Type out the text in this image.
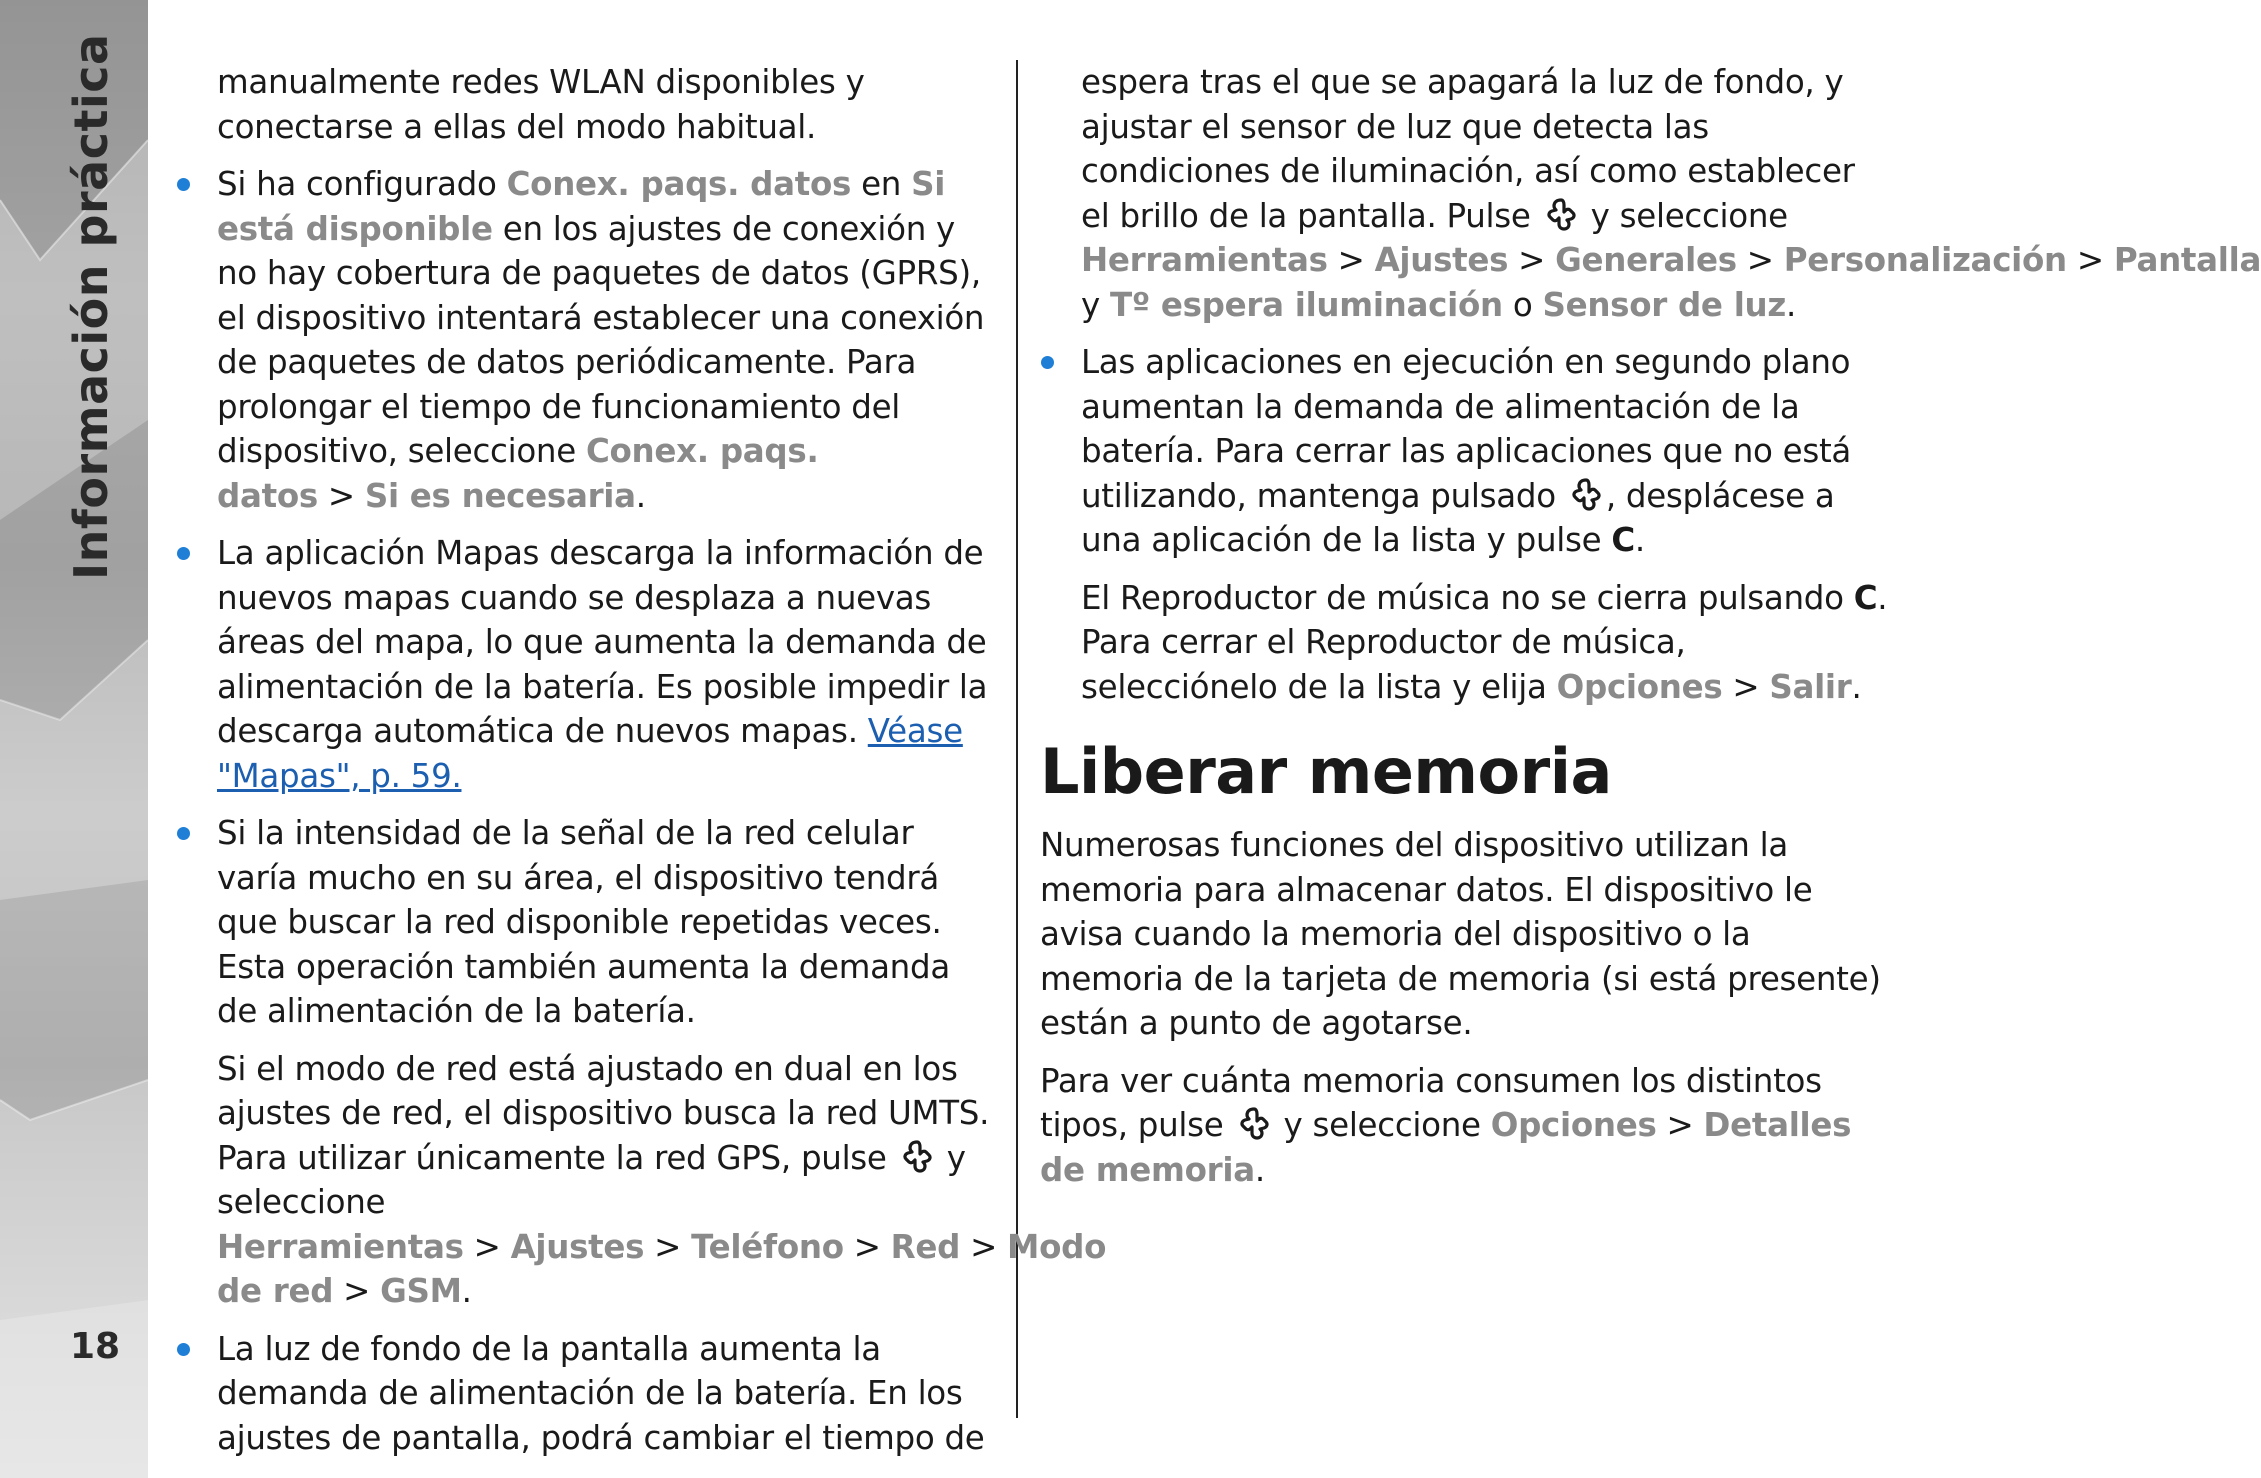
Información práctica
18

manualmente redes WLAN disponibles y conectarse a ellas del modo habitual.

Si ha configurado Conex. paqs. datos en Si está disponible en los ajustes de conexión y no hay cobertura de paquetes de datos (GPRS), el dispositivo intentará establecer una conexión de paquetes de datos periódicamente. Para prolongar el tiempo de funcionamiento del dispositivo, seleccione Conex. paqs. datos > Si es necesaria.

La aplicación Mapas descarga la información de nuevos mapas cuando se desplaza a nuevas áreas del mapa, lo que aumenta la demanda de alimentación de la batería. Es posible impedir la descarga automática de nuevos mapas. Véase "Mapas", p. 59.

Si la intensidad de la señal de la red celular varía mucho en su área, el dispositivo tendrá que buscar la red disponible repetidas veces. Esta operación también aumenta la demanda de alimentación de la batería.

Si el modo de red está ajustado en dual en los ajustes de red, el dispositivo busca la red UMTS. Para utilizar únicamente la red GPS, pulse  y seleccione Herramientas > Ajustes > Teléfono > Red > Modo de red > GSM.

La luz de fondo de la pantalla aumenta la demanda de alimentación de la batería. En los ajustes de pantalla, podrá cambiar el tiempo de

espera tras el que se apagará la luz de fondo, y ajustar el sensor de luz que detecta las condiciones de iluminación, así como establecer el brillo de la pantalla. Pulse  y seleccione Herramientas > Ajustes > Generales > Personalización > Pantalla y Tº espera iluminación o Sensor de luz.

Las aplicaciones en ejecución en segundo plano aumentan la demanda de alimentación de la batería. Para cerrar las aplicaciones que no está utilizando, mantenga pulsado , desplácese a una aplicación de la lista y pulse C.

El Reproductor de música no se cierra pulsando C. Para cerrar el Reproductor de música, selecciónelo de la lista y elija Opciones > Salir.

Liberar memoria

Numerosas funciones del dispositivo utilizan la memoria para almacenar datos. El dispositivo le avisa cuando la memoria del dispositivo o la memoria de la tarjeta de memoria (si está presente) están a punto de agotarse.

Para ver cuánta memoria consumen los distintos tipos, pulse  y seleccione Opciones > Detalles de memoria.
